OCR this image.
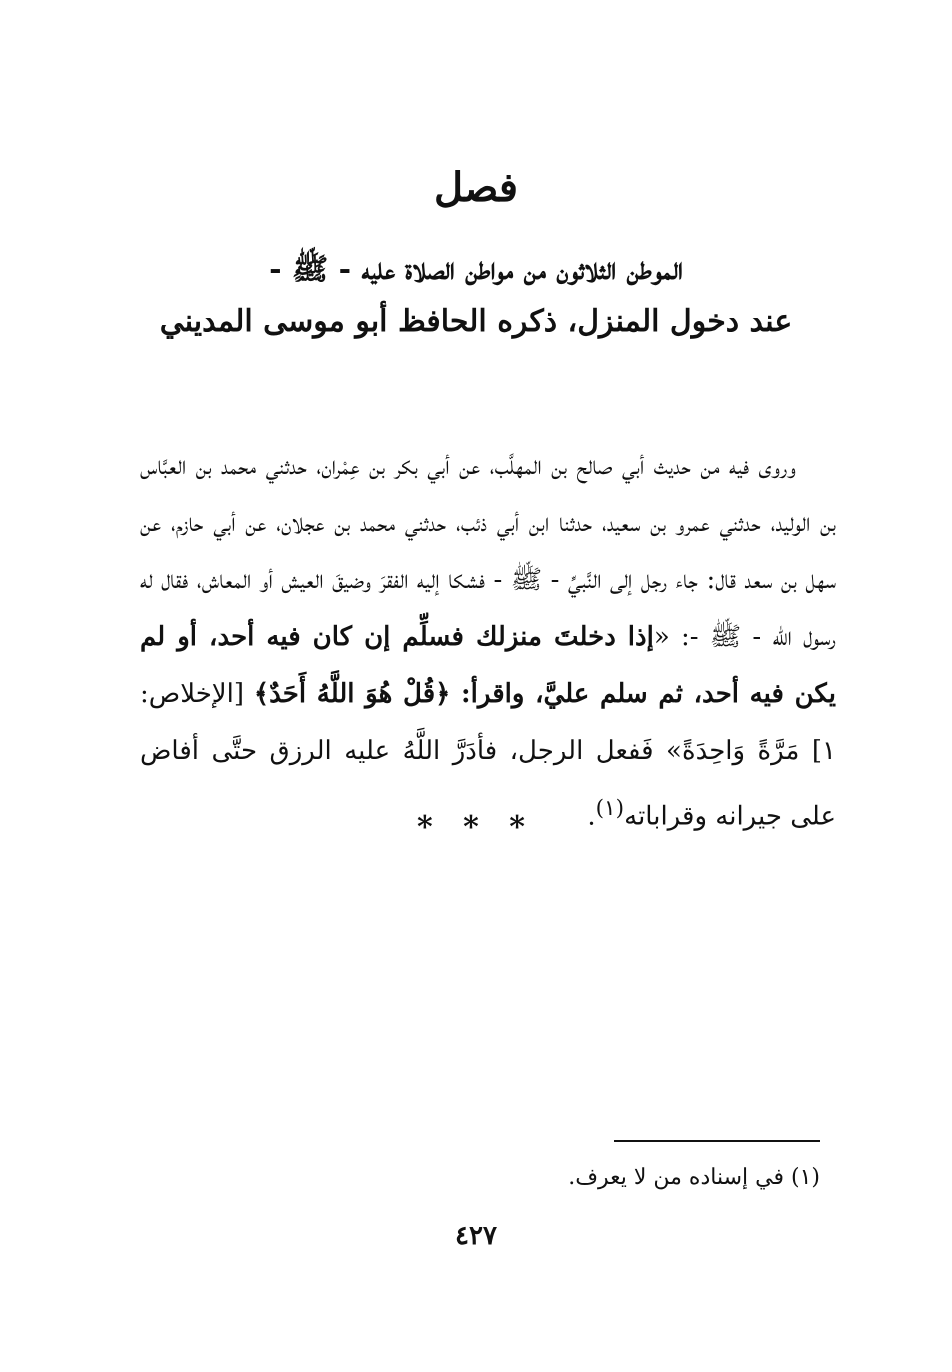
فصل
الموطن الثلاثون من مواطن الصلاة عليه - ﷺ -
عند دخول المنزل، ذكره الحافظ أبو موسى المديني

وروى فيه من حديث أبي صالح بن المهلَّب، عن أبي بكر بن عِمْران، حدثني محمد بن العبَّاس بن الوليد، حدثني عمرو بن سعيد، حدثنا ابن أبي ذئب، حدثني محمد بن عجلان، عن أبي حازم، عن سهل بن سعد قال: جاء رجل إلى النَّبيِّ - ﷺ - فشكا إليه الفقرَ وضيقَ العيش أو المعاش، فقال له رسول الله - ﷺ -: «إذا دخلتَ منزلك فسلِّم إن كان فيه أحد، أو لم يكن فيه أحد، ثم سلم عليَّ، واقرأ: ﴿قُلْ هُوَ اللَّهُ أَحَدٌ﴾ [الإخلاص: ١] مَرَّةً وَاحِدَةً» فَفعل الرجل، فأدَرَّ اللَّهُ عليه الرزق حتَّى أفاض على جيرانه وقراباته$^{(١)}$.

* * *
(١) في إسناده من لا يعرف.
٤٢٧
